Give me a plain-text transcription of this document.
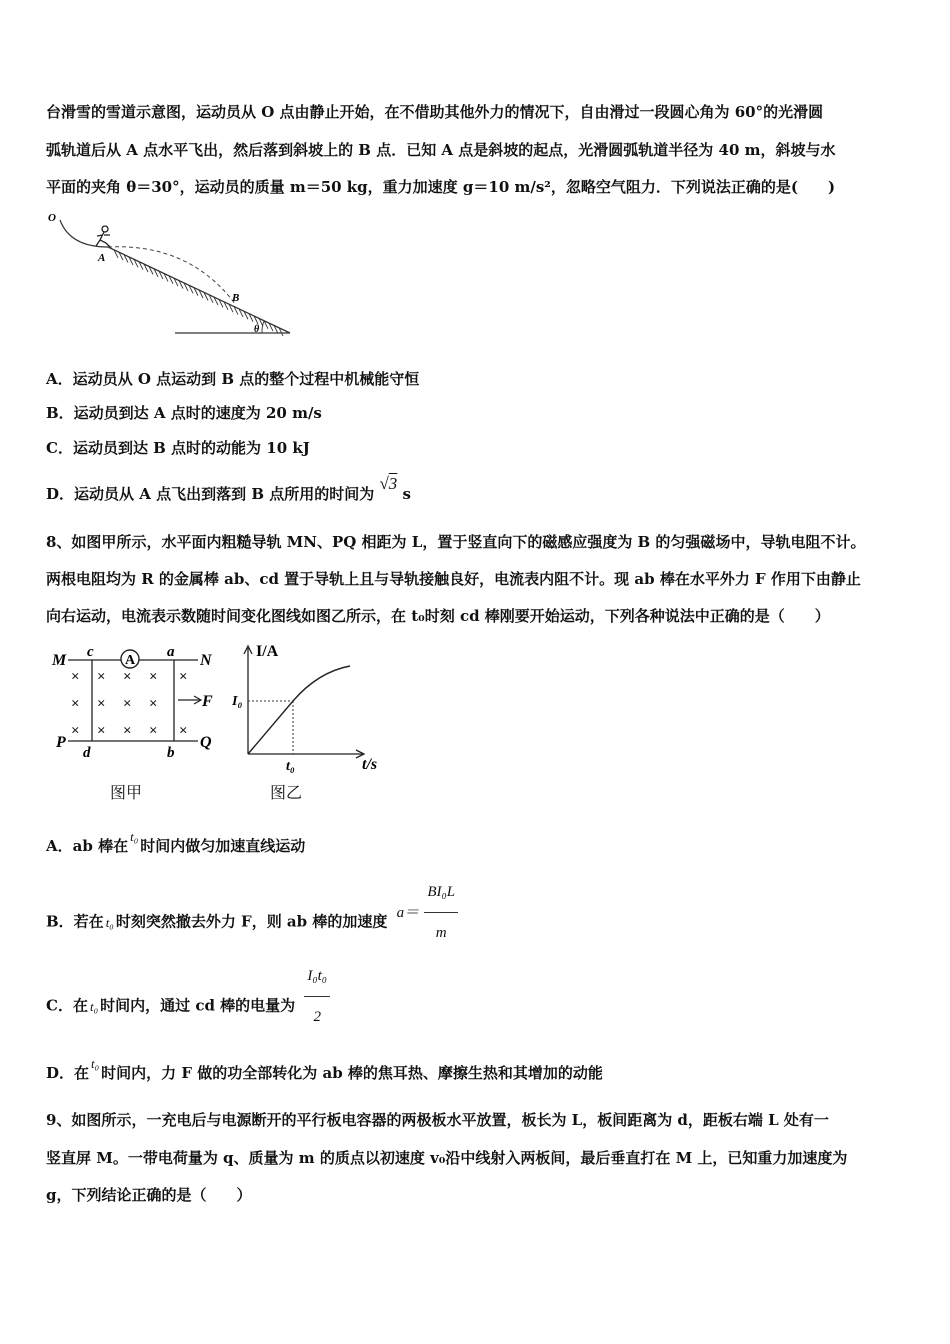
台滑雪的雪道示意图，运动员从 O 点由静止开始，在不借助其他外力的情况下，自由滑过一段圆心角为 60°的光滑圆
弧轨道后从 A 点水平飞出，然后落到斜坡上的 B 点．已知 A 点是斜坡的起点，光滑圆弧轨道半径为 40 m，斜坡与水
平面的夹角 θ＝30°，运动员的质量 m＝50 kg，重力加速度 g＝10 m/s²，忽略空气阻力．下列说法正确的是(　　)
O
A
B
θ
A．运动员从 O 点运动到 B 点的整个过程中机械能守恒
B．运动员到达 A 点时的速度为 20 m/s
C．运动员到达 B 点时的动能为 10 kJ
D．运动员从 A 点飞出到落到 B 点所用的时间为 √3 s
8、如图甲所示，水平面内粗糙导轨 MN、PQ 相距为 L，置于竖直向下的磁感应强度为 B 的匀强磁场中，导轨电阻不计。
两根电阻均为 R 的金属棒 ab、cd 置于导轨上且与导轨接触良好，电流表内阻不计。现 ab 棒在水平外力 F 作用下由静止
向右运动，电流表示数随时间变化图线如图乙所示，在 t₀时刻 cd 棒刚要开始运动，下列各种说法中正确的是（　　）
A
M	N
P	Q
c	a
d	b
× × × × ×
× × × ×
× × × × ×
F
图甲
I/A
t/s
I₀
t₀
图乙
A．ab 棒在t₀时间内做匀加速直线运动
B．若在 t₀ 时刻突然撤去外力 F，则 ab 棒的加速度 $a= \frac{\text{BI₀L}}{m}$
C．在 t₀ 时间内，通过 cd 棒的电量为 $\frac{\text{I₀t₀}}{2}$
D．在t₀时间内，力 F 做的功全部转化为 ab 棒的焦耳热、摩擦生热和其增加的动能
9、如图所示，一充电后与电源断开的平行板电容器的两极板水平放置，板长为 L，板间距离为 d，距板右端 L 处有一
竖直屏 M。一带电荷量为 q、质量为 m 的质点以初速度 v₀沿中线射入两板间，最后垂直打在 M 上，已知重力加速度为
g，下列结论正确的是（　　）
